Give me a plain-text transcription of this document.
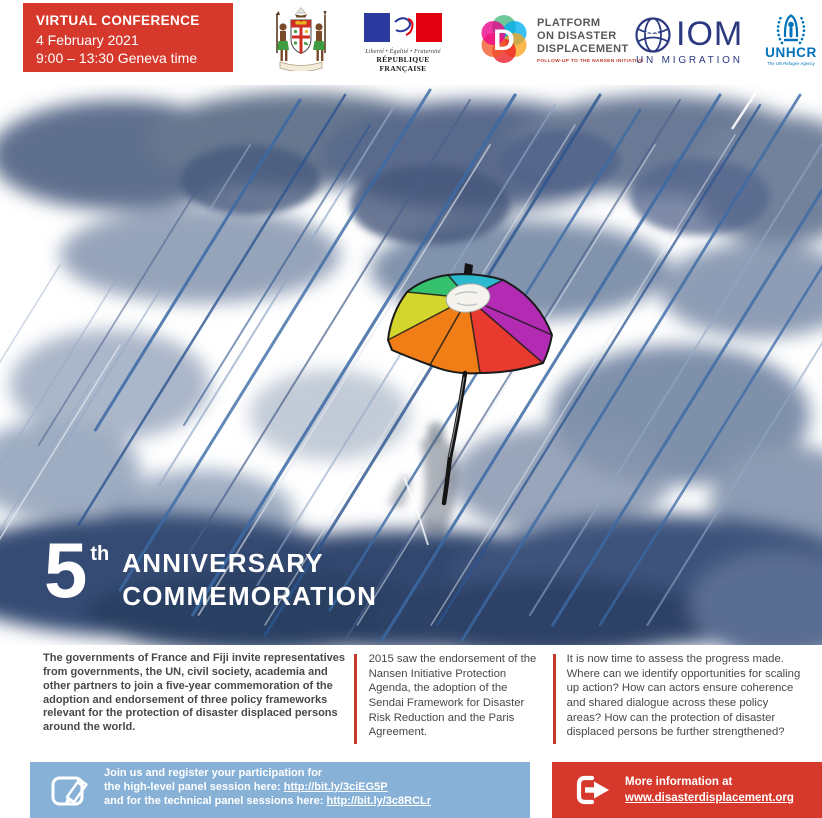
VIRTUAL CONFERENCE
4 February 2021
9:00 – 13:30 Geneva time	Liberté • Égalité • Fraternité
RÉPUBLIQUE FRANÇAISE
D
PLATFORM
ON DISASTER
DISPLACEMENT
FOLLOW-UP TO THE NANSEN INITIATIVE
IOM
UN MIGRATION
UNHCR
The UN Refugee Agency
5 th ANNIVERSARY
COMMEMORATION
The governments of France and Fiji invite representatives from governments, the UN, civil society, academia and other partners to join a five-year commemoration of the adoption and endorsement of three policy frameworks relevant for the protection of disaster displaced persons around the world.
2015 saw the endorsement of the Nansen Initiative Protection Agenda, the adoption of the Sendai Framework for Disaster Risk Reduction and the Paris Agreement.
It is now time to assess the progress made. Where can we identify opportunities for scaling up action? How can actors ensure coherence and shared dialogue across these policy areas? How can the protection of disaster displaced persons be further strengthened?
Join us and register your participation for
the high-level panel session here: http://bit.ly/3ciEG5P
and for the technical panel sessions here: http://bit.ly/3c8RCLr
More information at
www.disasterdisplacement.org
